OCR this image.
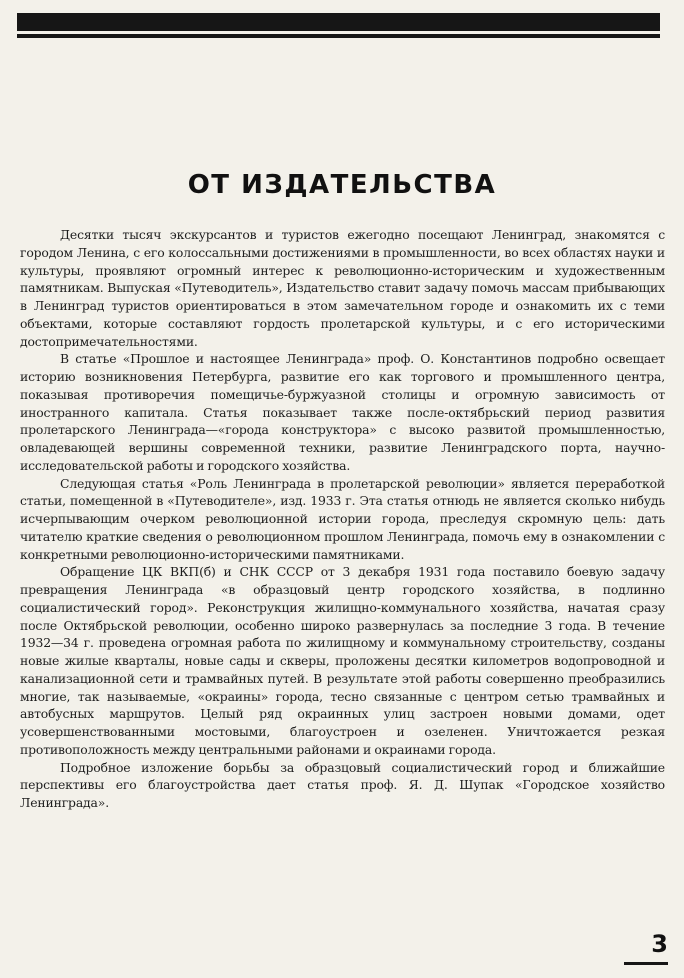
ОТ ИЗДАТЕЛЬСТВА

Десятки тысяч экскурсантов и туристов ежегодно посещают Ленинград, знакомятся с городом Ленина, с его колоссальными достижениями в промышленности, во всех областях науки и культуры, проявляют огромный интерес к революционно-историческим и художественным памятникам. Выпуская «Путеводитель», Издательство ставит задачу помочь массам прибывающих в Ленинград туристов ориентироваться в этом замечательном городе и ознакомить их с теми объектами, которые составляют гордость пролетарской культуры, и с его историческими достопримечательностями.

В статье «Прошлое и настоящее Ленинграда» проф. О. Константинов подробно освещает историю возникновения Петербурга, развитие его как торгового и промышленного центра, показывая противоречия помещичье-буржуазной столицы и огромную зависимость от иностранного капитала. Статья показывает также после-октябрьский период развития пролетарского Ленинграда—«города конструктора» с высоко развитой промышленностью, овладевающей вершины современной техники, развитие Ленинградского порта, научно-исследовательской работы и городского хозяйства.

Следующая статья «Роль Ленинграда в пролетарской революции» является переработкой статьи, помещенной в «Путеводителе», изд. 1933 г. Эта статья отнюдь не является сколько нибудь исчерпывающим очерком революционной истории города, преследуя скромную цель: дать читателю краткие сведения о революционном прошлом Ленинграда, помочь ему в ознакомлении с конкретными революционно-историческими памятниками.

Обращение ЦК ВКП(б) и СНК СССР от 3 декабря 1931 года поставило боевую задачу превращения Ленинграда «в образцовый центр городского хозяйства, в подлинно социалистический город». Реконструкция жилищно-коммунального хозяйства, начатая сразу после Октябрьской революции, особенно широко развернулась за последние 3 года. В течение 1932—34 г. проведена огромная работа по жилищному и коммунальному строительству, созданы новые жилые кварталы, новые сады и скверы, проложены десятки километров водопроводной и канализационной сети и трамвайных путей. В результате этой работы совершенно преобразились многие, так называемые, «окраины» города, тесно связанные с центром сетью трамвайных и автобусных маршрутов. Целый ряд окраинных улиц застроен новыми домами, одет усовершенствованными мостовыми, благоустроен и озеленен. Уничтожается резкая противоположность между центральными районами и окраинами города.

Подробное изложение борьбы за образцовый социалистический город и ближайшие перспективы его благоустройства дает статья проф. Я. Д. Шупак «Городское хозяйство Ленинграда».

3
